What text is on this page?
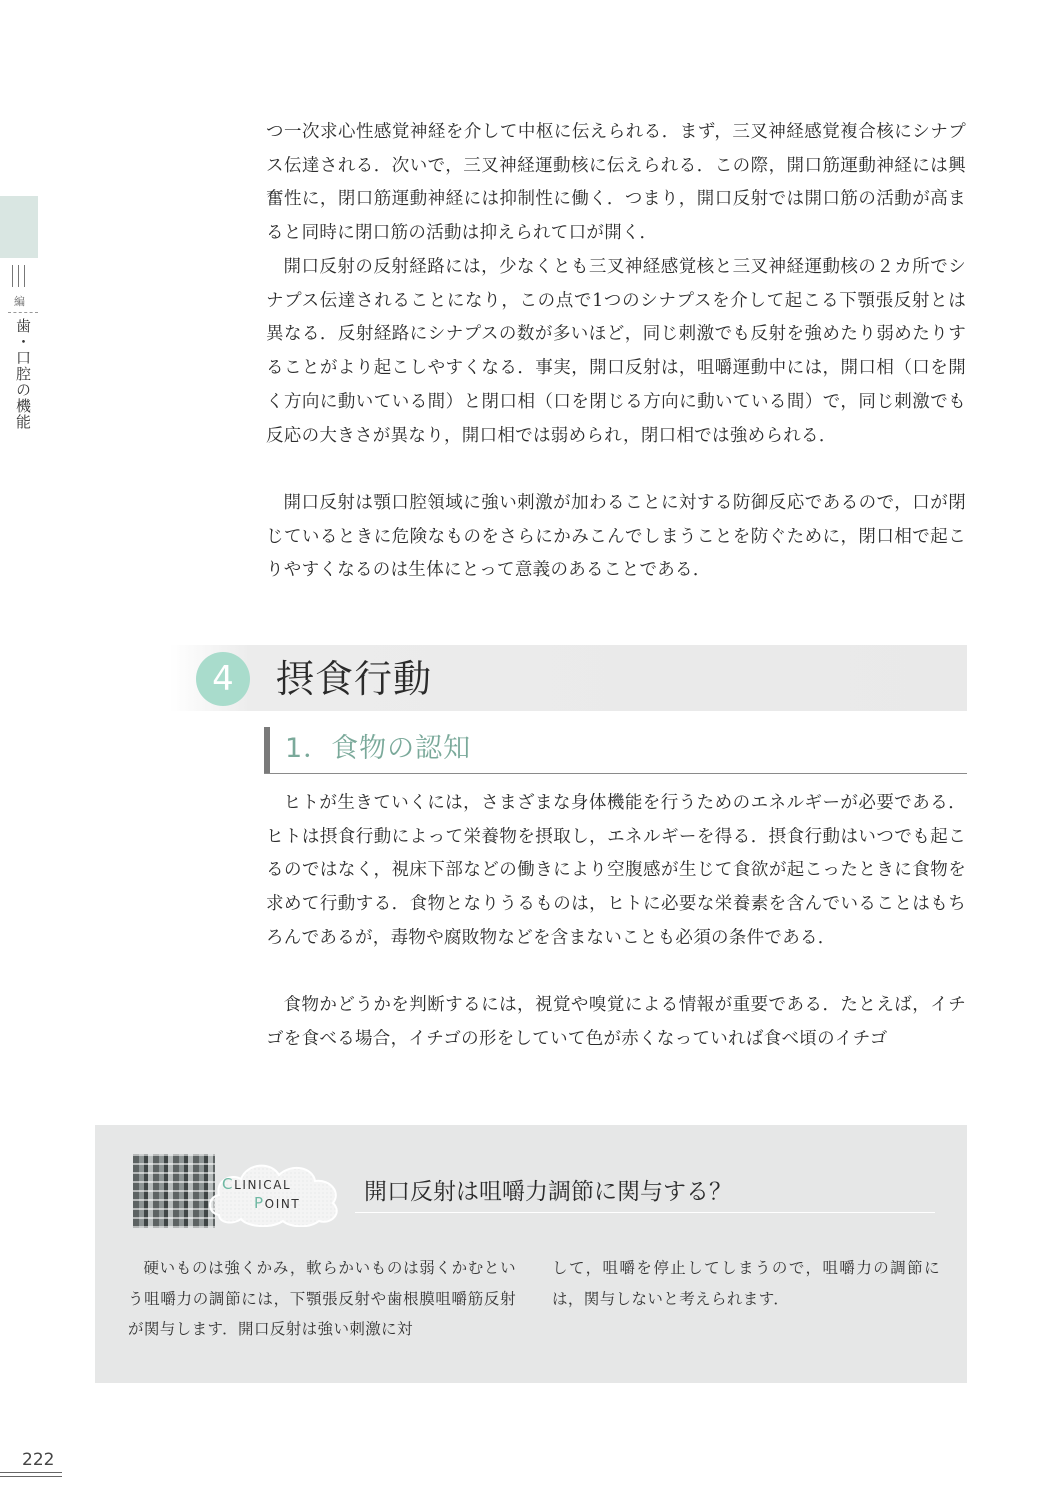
編
歯・口腔の機能

つ一次求心性感覚神経を介して中枢に伝えられる．まず，三叉神経感覚複合核にシナプス伝達される．次いで，三叉神経運動核に伝えられる．この際，開口筋運動神経には興奮性に，閉口筋運動神経には抑制性に働く．つまり，開口反射では開口筋の活動が高まると同時に閉口筋の活動は抑えられて口が開く．

開口反射の反射経路には，少なくとも三叉神経感覚核と三叉神経運動核の２カ所でシナプス伝達されることになり，この点で1つのシナプスを介して起こる下顎張反射とは異なる．反射経路にシナプスの数が多いほど，同じ刺激でも反射を強めたり弱めたりすることがより起こしやすくなる．事実，開口反射は，咀嚼運動中には，開口相（口を開く方向に動いている間）と閉口相（口を閉じる方向に動いている間）で，同じ刺激でも反応の大きさが異なり，開口相では弱められ，閉口相では強められる．

開口反射は顎口腔領域に強い刺激が加わることに対する防御反応であるので，口が閉じているときに危険なものをさらにかみこんでしまうことを防ぐために，閉口相で起こりやすくなるのは生体にとって意義のあることである．

4	摂食行動
1．食物の認知

ヒトが生きていくには，さまざまな身体機能を行うためのエネルギーが必要である．ヒトは摂食行動によって栄養物を摂取し，エネルギーを得る．摂食行動はいつでも起こるのではなく，視床下部などの働きにより空腹感が生じて食欲が起こったときに食物を求めて行動する．食物となりうるものは，ヒトに必要な栄養素を含んでいることはもちろんであるが，毒物や腐敗物などを含まないことも必須の条件である．

食物かどうかを判断するには，視覚や嗅覚による情報が重要である．たとえば，イチゴを食べる場合，イチゴの形をしていて色が赤くなっていれば食べ頃のイチゴ

CLINICAL
POINT	開口反射は咀嚼力調節に関与する？

硬いものは強くかみ，軟らかいものは弱くかむという咀嚼力の調節には，下顎張反射や歯根膜咀嚼筋反射が関与します．開口反射は強い刺激に対

して，咀嚼を停止してしまうので，咀嚼力の調節には，関与しないと考えられます．

222
